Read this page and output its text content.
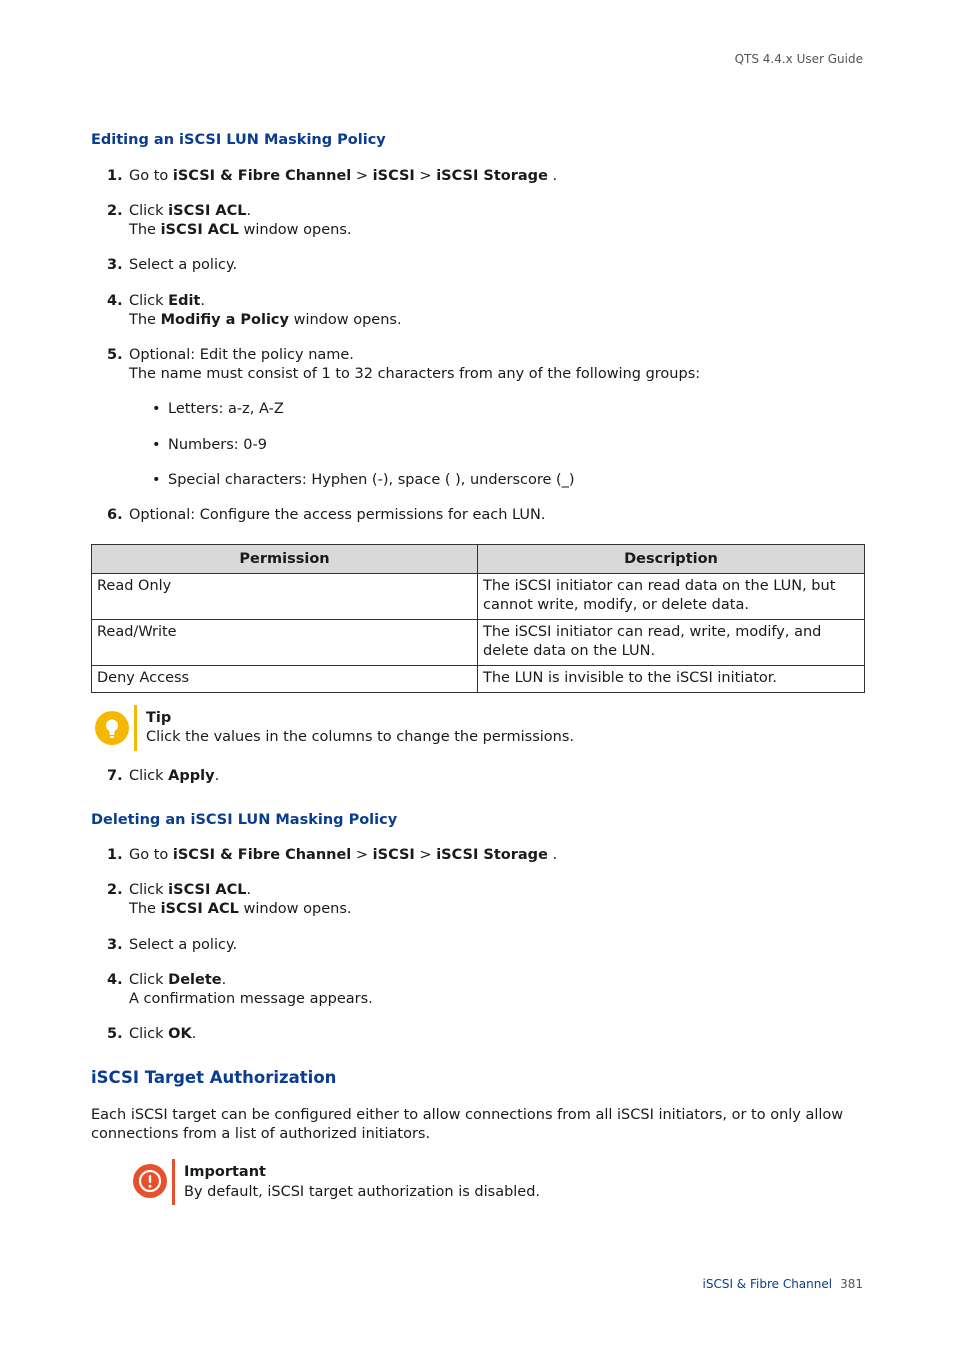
QTS 4.4.x User Guide
Editing an iSCSI LUN Masking Policy
1. Go to iSCSI & Fibre Channel > iSCSI > iSCSI Storage .
2. Click iSCSI ACL.
The iSCSI ACL window opens.
3. Select a policy.
4. Click Edit.
The Modifiy a Policy window opens.
5. Optional: Edit the policy name.
The name must consist of 1 to 32 characters from any of the following groups:
• Letters: a-z, A-Z
• Numbers: 0-9
• Special characters: Hyphen (-), space ( ), underscore (_)
6. Optional: Configure the access permissions for each LUN.
Permission	Description
Read Only	The iSCSI initiator can read data on the LUN, but cannot write, modify, or delete data.
Read/Write	The iSCSI initiator can read, write, modify, and delete data on the LUN.
Deny Access	The LUN is invisible to the iSCSI initiator.
Tip
Click the values in the columns to change the permissions.
7. Click Apply.
Deleting an iSCSI LUN Masking Policy
1. Go to iSCSI & Fibre Channel > iSCSI > iSCSI Storage .
2. Click iSCSI ACL.
The iSCSI ACL window opens.
3. Select a policy.
4. Click Delete.
A confirmation message appears.
5. Click OK.
iSCSI Target Authorization
Each iSCSI target can be configured either to allow connections from all iSCSI initiators, or to only allow connections from a list of authorized initiators.
Important
By default, iSCSI target authorization is disabled.
iSCSI & Fibre Channel 381
